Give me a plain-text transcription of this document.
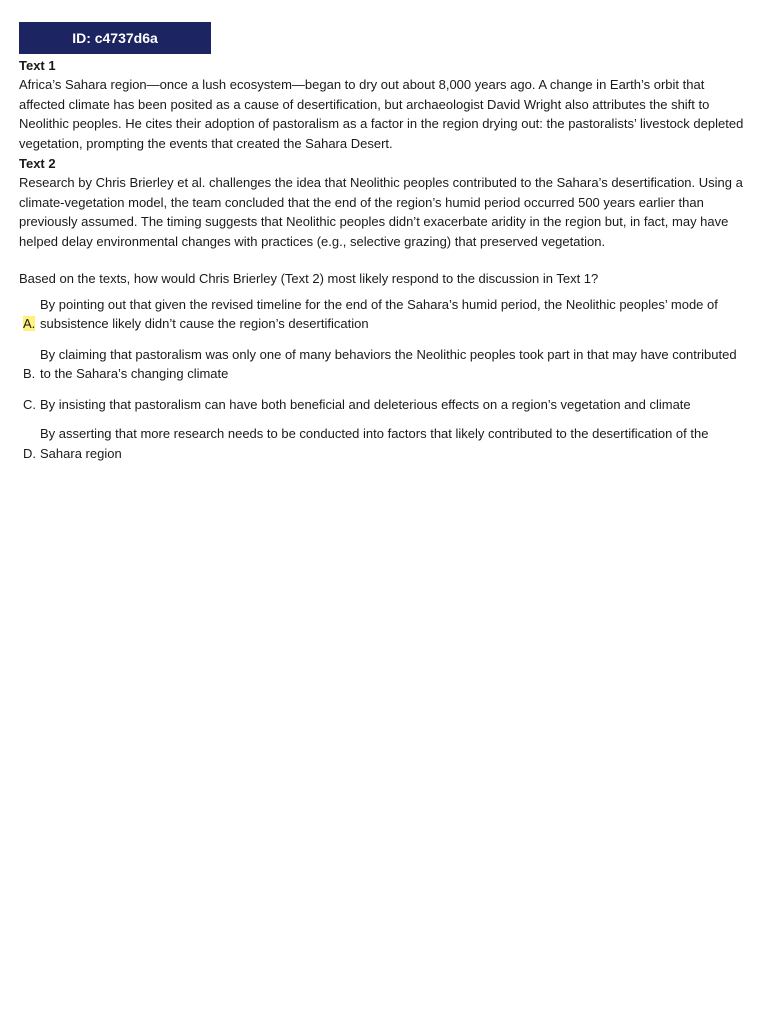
ID: c4737d6a

Text 1

Africa’s Sahara region—once a lush ecosystem—began to dry out about 8,000 years ago. A change in Earth’s orbit that affected climate has been posited as a cause of desertification, but archaeologist David Wright also attributes the shift to Neolithic peoples. He cites their adoption of pastoralism as a factor in the region drying out: the pastoralists’ livestock depleted vegetation, prompting the events that created the Sahara Desert.

Text 2

Research by Chris Brierley et al. challenges the idea that Neolithic peoples contributed to the Sahara’s desertification. Using a climate-vegetation model, the team concluded that the end of the region’s humid period occurred 500 years earlier than previously assumed. The timing suggests that Neolithic peoples didn’t exacerbate aridity in the region but, in fact, may have helped delay environmental changes with practices (e.g., selective grazing) that preserved vegetation.

Based on the texts, how would Chris Brierley (Text 2) most likely respond to the discussion in Text 1?

A.
By pointing out that given the revised timeline for the end of the Sahara’s humid period, the Neolithic peoples’ mode of subsistence likely didn’t cause the region’s desertification
B.
By claiming that pastoralism was only one of many behaviors the Neolithic peoples took part in that may have contributed to the Sahara’s changing climate
C. By insisting that pastoralism can have both beneficial and deleterious effects on a region’s vegetation and climate
D.
By asserting that more research needs to be conducted into factors that likely contributed to the desertification of the Sahara region
